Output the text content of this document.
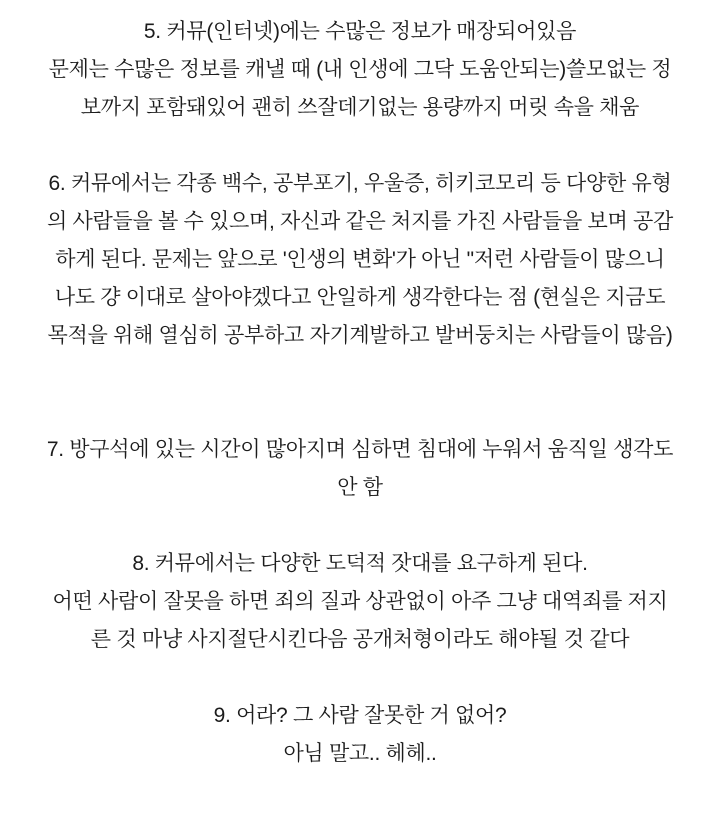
5. 커뮤(인터넷)에는 수많은 정보가 매장되어있음
문제는 수많은 정보를 캐낼 때 (내 인생에 그닥 도움안되는)쓸모없는 정
보까지 포함돼있어 괜히 쓰잘데기없는 용량까지 머릿 속을 채움
6. 커뮤에서는 각종 백수, 공부포기, 우울증, 히키코모리 등 다양한 유형
의 사람들을 볼 수 있으며, 자신과 같은 처지를 가진 사람들을 보며 공감
하게 된다. 문제는 앞으로 '인생의 변화'가 아닌 "저런 사람들이 많으니
나도 걍 이대로 살아야겠다고 안일하게 생각한다는 점 (현실은 지금도
목적을 위해 열심히 공부하고 자기계발하고 발버둥치는 사람들이 많음)
7. 방구석에 있는 시간이 많아지며 심하면 침대에 누워서 움직일 생각도
안 함
8. 커뮤에서는 다양한 도덕적 잣대를 요구하게 된다.
어떤 사람이 잘못을 하면 죄의 질과 상관없이 아주 그냥 대역죄를 저지
른 것 마냥 사지절단시킨다음 공개처형이라도 해야될 것 같다
9. 어라? 그 사람 잘못한 거 없어?
아님 말고.. 헤헤..
